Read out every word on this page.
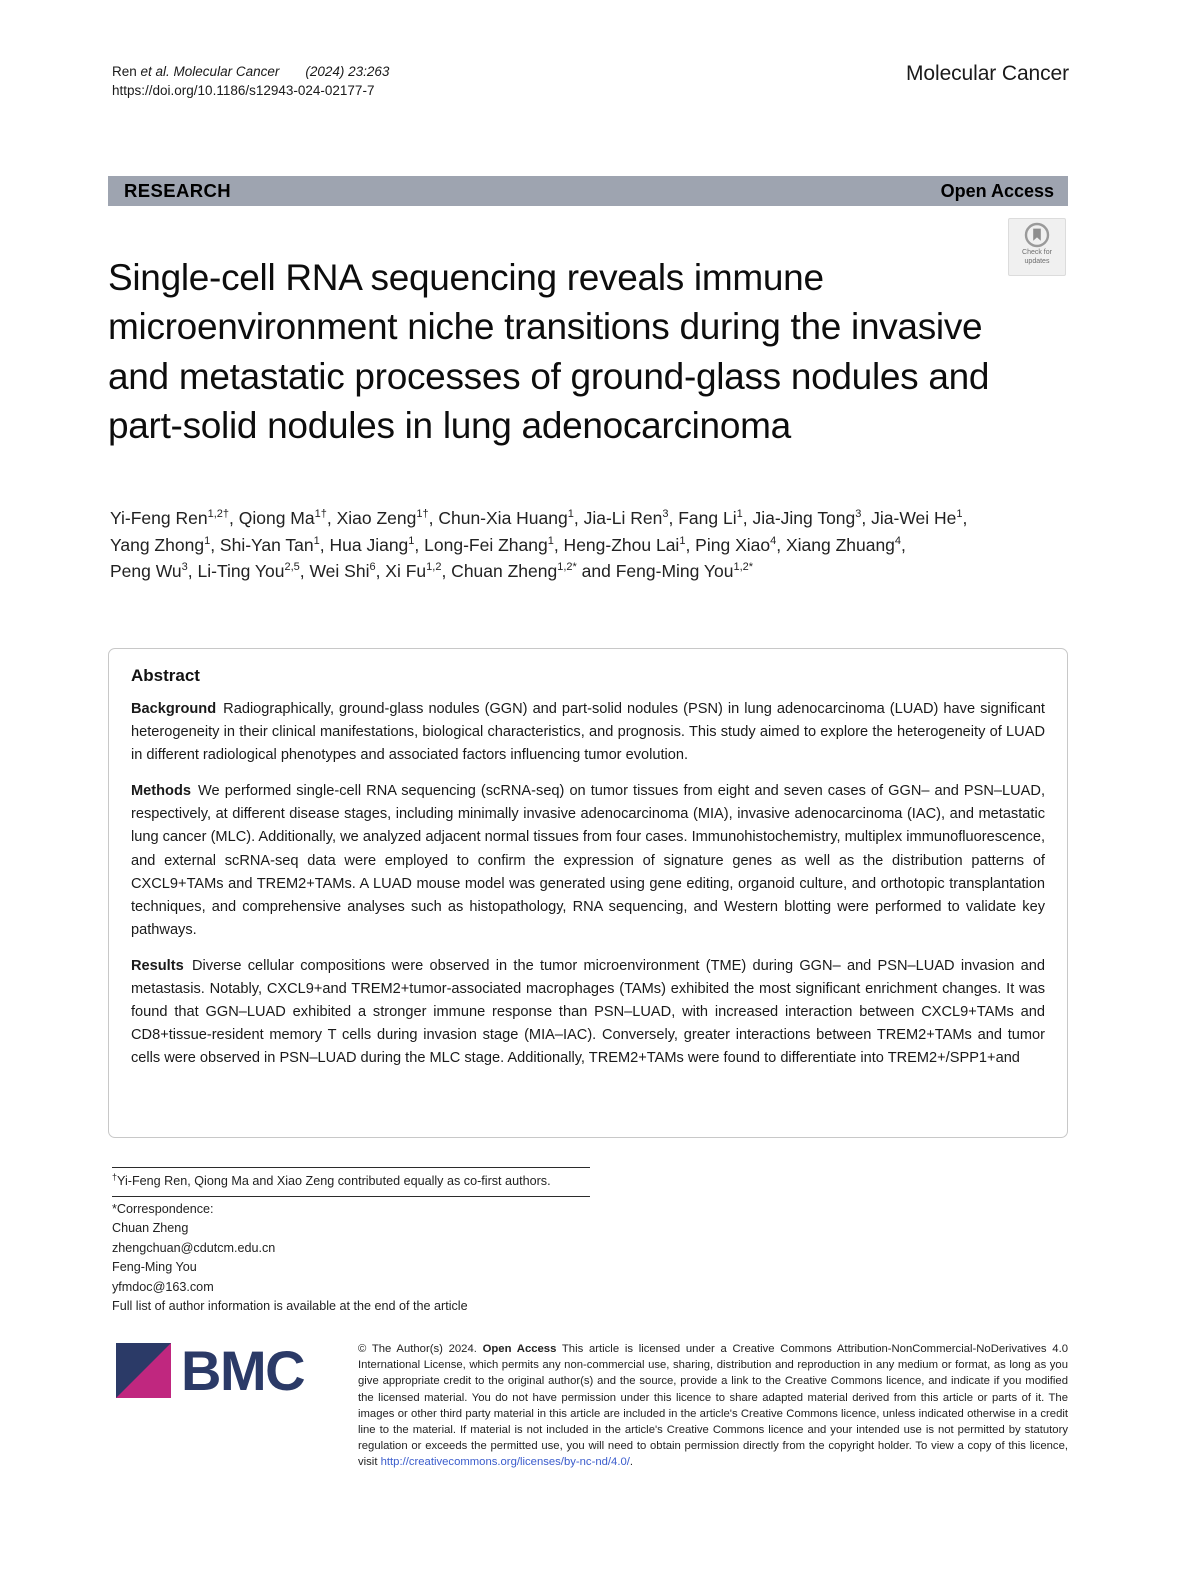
Ren et al. Molecular Cancer (2024) 23:263
https://doi.org/10.1186/s12943-024-02177-7
Molecular Cancer
RESEARCH	Open Access
Check for
updates
Single-cell RNA sequencing reveals immune microenvironment niche transitions during the invasive and metastatic processes of ground-glass nodules and part-solid nodules in lung adenocarcinoma
Yi-Feng Ren$^{1,2\dagger}$, Qiong $Ma^{1\dagger}$, Xiao Zeng$^{1\dagger}$, Chun-Xia Huang$^1$, Jia-Li Ren$^3$, Fang Li$^1$, Jia-Jing Tong$^3$, Jia-Wei He$^1$,
Yang Zhong$^1$, Shi-Yan Tan$^1$, Hua Jiang$^1$, Long-Fei Zhang$^1$, Heng-Zhou Lai$^1$, Ping Xiao$^4$, Xiang Zhuang$^4$,
Peng Wu$^3$, Li-Ting You$^{2,5}$, Wei Shi$^6$, Xi Fu$^{1,2}$, Chuan Zheng$^{1,2*}$ and Feng-Ming You$^{1,2*}$
Abstract

Background Radiographically, ground-glass nodules (GGN) and part-solid nodules (PSN) in lung adenocarcinoma (LUAD) have significant heterogeneity in their clinical manifestations, biological characteristics, and prognosis. This study aimed to explore the heterogeneity of LUAD in different radiological phenotypes and associated factors influencing tumor evolution.

Methods We performed single-cell RNA sequencing (scRNA-seq) on tumor tissues from eight and seven cases of GGN– and PSN–LUAD, respectively, at different disease stages, including minimally invasive adenocarcinoma (MIA), invasive adenocarcinoma (IAC), and metastatic lung cancer (MLC). Additionally, we analyzed adjacent normal tissues from four cases. Immunohistochemistry, multiplex immunofluorescence, and external scRNA-seq data were employed to confirm the expression of signature genes as well as the distribution patterns of CXCL9+TAMs and TREM2+TAMs. A LUAD mouse model was generated using gene editing, organoid culture, and orthotopic transplantation techniques, and comprehensive analyses such as histopathology, RNA sequencing, and Western blotting were performed to validate key pathways.

Results Diverse cellular compositions were observed in the tumor microenvironment (TME) during GGN– and PSN–LUAD invasion and metastasis. Notably, CXCL9+and TREM2+tumor-associated macrophages (TAMs) exhibited the most significant enrichment changes. It was found that GGN–LUAD exhibited a stronger immune response than PSN–LUAD, with increased interaction between CXCL9+TAMs and CD8+tissue-resident memory T cells during invasion stage (MIA–IAC). Conversely, greater interactions between TREM2+TAMs and tumor cells were observed in PSN–LUAD during the MLC stage. Additionally, TREM2+TAMs were found to differentiate into TREM2+/SPP1+and

†Yi-Feng Ren, Qiong Ma and Xiao Zeng contributed equally as co-first authors.
*Correspondence:
Chuan Zheng
zhengchuan@cdutcm.edu.cn
Feng-Ming You
yfmdoc@163.com
Full list of author information is available at the end of the article
BMC	© The Author(s) 2024. Open Access This article is licensed under a Creative Commons Attribution-NonCommercial-NoDerivatives 4.0 International License, which permits any non-commercial use, sharing, distribution and reproduction in any medium or format, as long as you give appropriate credit to the original author(s) and the source, provide a link to the Creative Commons licence, and indicate if you modified the licensed material. You do not have permission under this licence to share adapted material derived from this article or parts of it. The images or other third party material in this article are included in the article's Creative Commons licence, unless indicated otherwise in a credit line to the material. If material is not included in the article's Creative Commons licence and your intended use is not permitted by statutory regulation or exceeds the permitted use, you will need to obtain permission directly from the copyright holder. To view a copy of this licence, visit http://creativecommons.org/licenses/by-nc-nd/4.0/.
